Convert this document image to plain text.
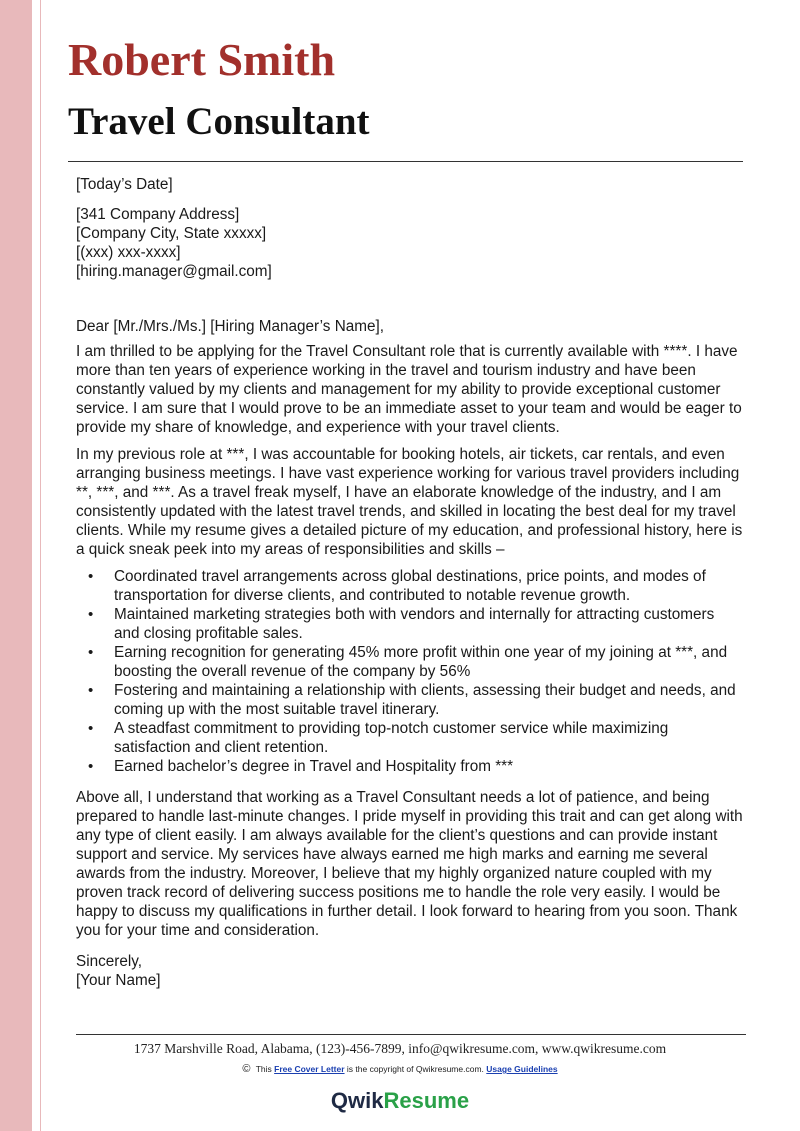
Robert Smith
Travel Consultant

[Today’s Date]

[341 Company Address]
[Company City, State xxxxx]
[(xxx) xxx-xxxx]
[hiring.manager@gmail.com]

Dear [Mr./Mrs./Ms.] [Hiring Manager’s Name],

I am thrilled to be applying for the Travel Consultant role that is currently available with ****. I have more than ten years of experience working in the travel and tourism industry and have been constantly valued by my clients and management for my ability to provide exceptional customer service. I am sure that I would prove to be an immediate asset to your team and would be eager to provide my share of knowledge, and experience with your travel clients.

In my previous role at ***, I was accountable for booking hotels, air tickets, car rentals, and even arranging business meetings. I have vast experience working for various travel providers including **, ***, and ***. As a travel freak myself, I have an elaborate knowledge of the industry, and I am consistently updated with the latest travel trends, and skilled in locating the best deal for my travel clients. While my resume gives a detailed picture of my education, and professional history, here is a quick sneak peek into my areas of responsibilities and skills –

• Coordinated travel arrangements across global destinations, price points, and modes of transportation for diverse clients, and contributed to notable revenue growth.
• Maintained marketing strategies both with vendors and internally for attracting customers and closing profitable sales.
• Earning recognition for generating 45% more profit within one year of my joining at ***, and boosting the overall revenue of the company by 56%
• Fostering and maintaining a relationship with clients, assessing their budget and needs, and coming up with the most suitable travel itinerary.
• A steadfast commitment to providing top-notch customer service while maximizing satisfaction and client retention.
• Earned bachelor’s degree in Travel and Hospitality from ***

Above all, I understand that working as a Travel Consultant needs a lot of patience, and being prepared to handle last-minute changes. I pride myself in providing this trait and can get along with any type of client easily. I am always available for the client’s questions and can provide instant support and service. My services have always earned me high marks and earning me several awards from the industry. Moreover, I believe that my highly organized nature coupled with my proven track record of delivering success positions me to handle the role very easily. I would be happy to discuss my qualifications in further detail. I look forward to hearing from you soon. Thank you for your time and consideration.

Sincerely,

[Your Name]

1737 Marshville Road, Alabama, (123)-456-7899, info@qwikresume.com, www.qwikresume.com
© This Free Cover Letter is the copyright of Qwikresume.com. Usage Guidelines
QwikResume
